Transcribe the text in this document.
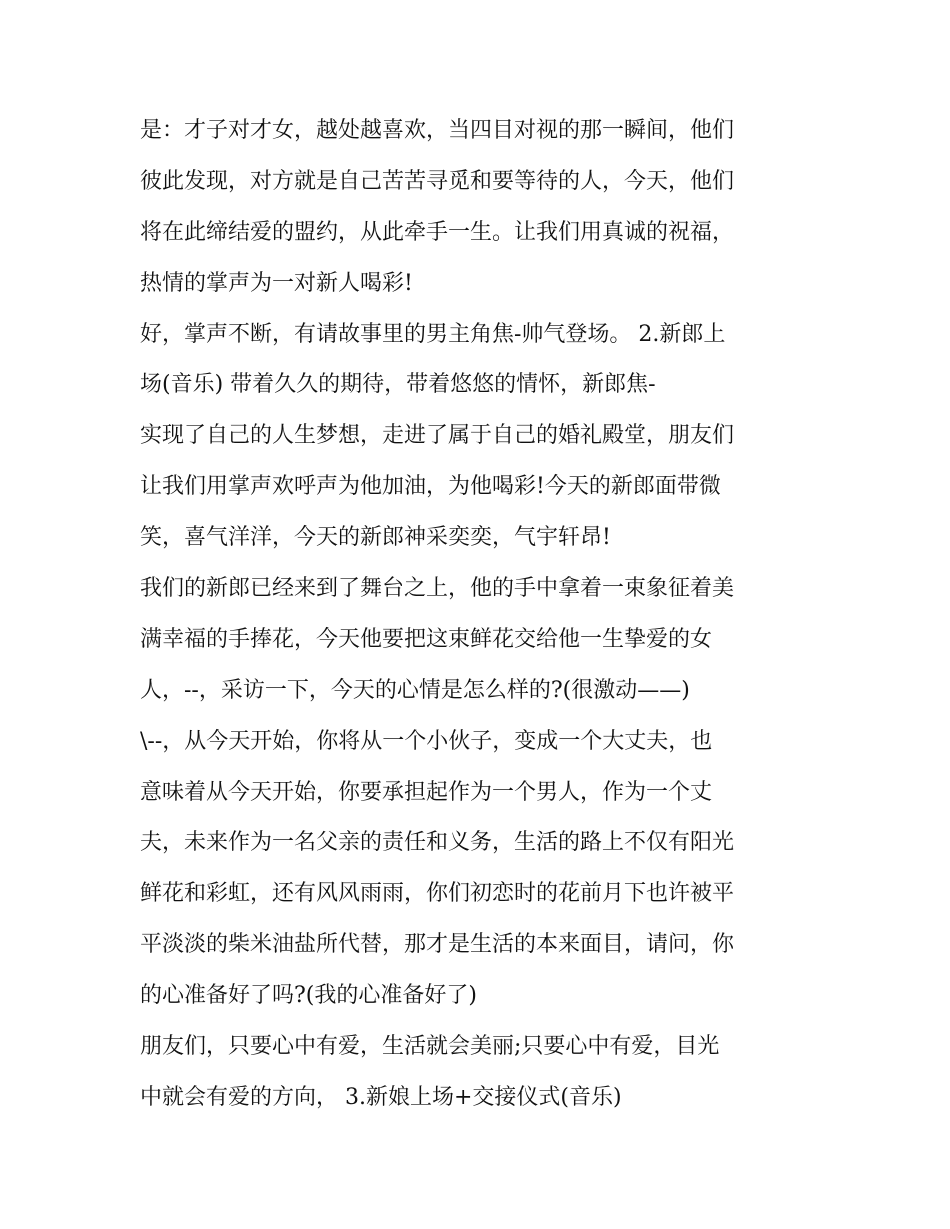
是：才子对才女，越处越喜欢，当四目对视的那一瞬间，他们
彼此发现，对方就是自己苦苦寻觅和要等待的人，今天，他们
将在此缔结爱的盟约，从此牵手一生。让我们用真诚的祝福，
热情的掌声为一对新人喝彩!
好，掌声不断，有请故事里的男主角焦-帅气登场。 2.新郎上
场(音乐) 带着久久的期待，带着悠悠的情怀，新郎焦-
实现了自己的人生梦想，走进了属于自己的婚礼殿堂，朋友们
让我们用掌声欢呼声为他加油，为他喝彩!今天的新郎面带微
笑，喜气洋洋，今天的新郎神采奕奕，气宇轩昂!
我们的新郎已经来到了舞台之上，他的手中拿着一束象征着美
满幸福的手捧花，今天他要把这束鲜花交给他一生挚爱的女
人，--，采访一下，今天的心情是怎么样的?(很激动——)
\--，从今天开始，你将从一个小伙子，变成一个大丈夫，也
意味着从今天开始，你要承担起作为一个男人，作为一个丈
夫，未来作为一名父亲的责任和义务，生活的路上不仅有阳光
鲜花和彩虹，还有风风雨雨，你们初恋时的花前月下也许被平
平淡淡的柴米油盐所代替，那才是生活的本来面目，请问，你
的心准备好了吗?(我的心准备好了)
朋友们，只要心中有爱，生活就会美丽;只要心中有爱，目光
中就会有爱的方向， 3.新娘上场+交接仪式(音乐)
